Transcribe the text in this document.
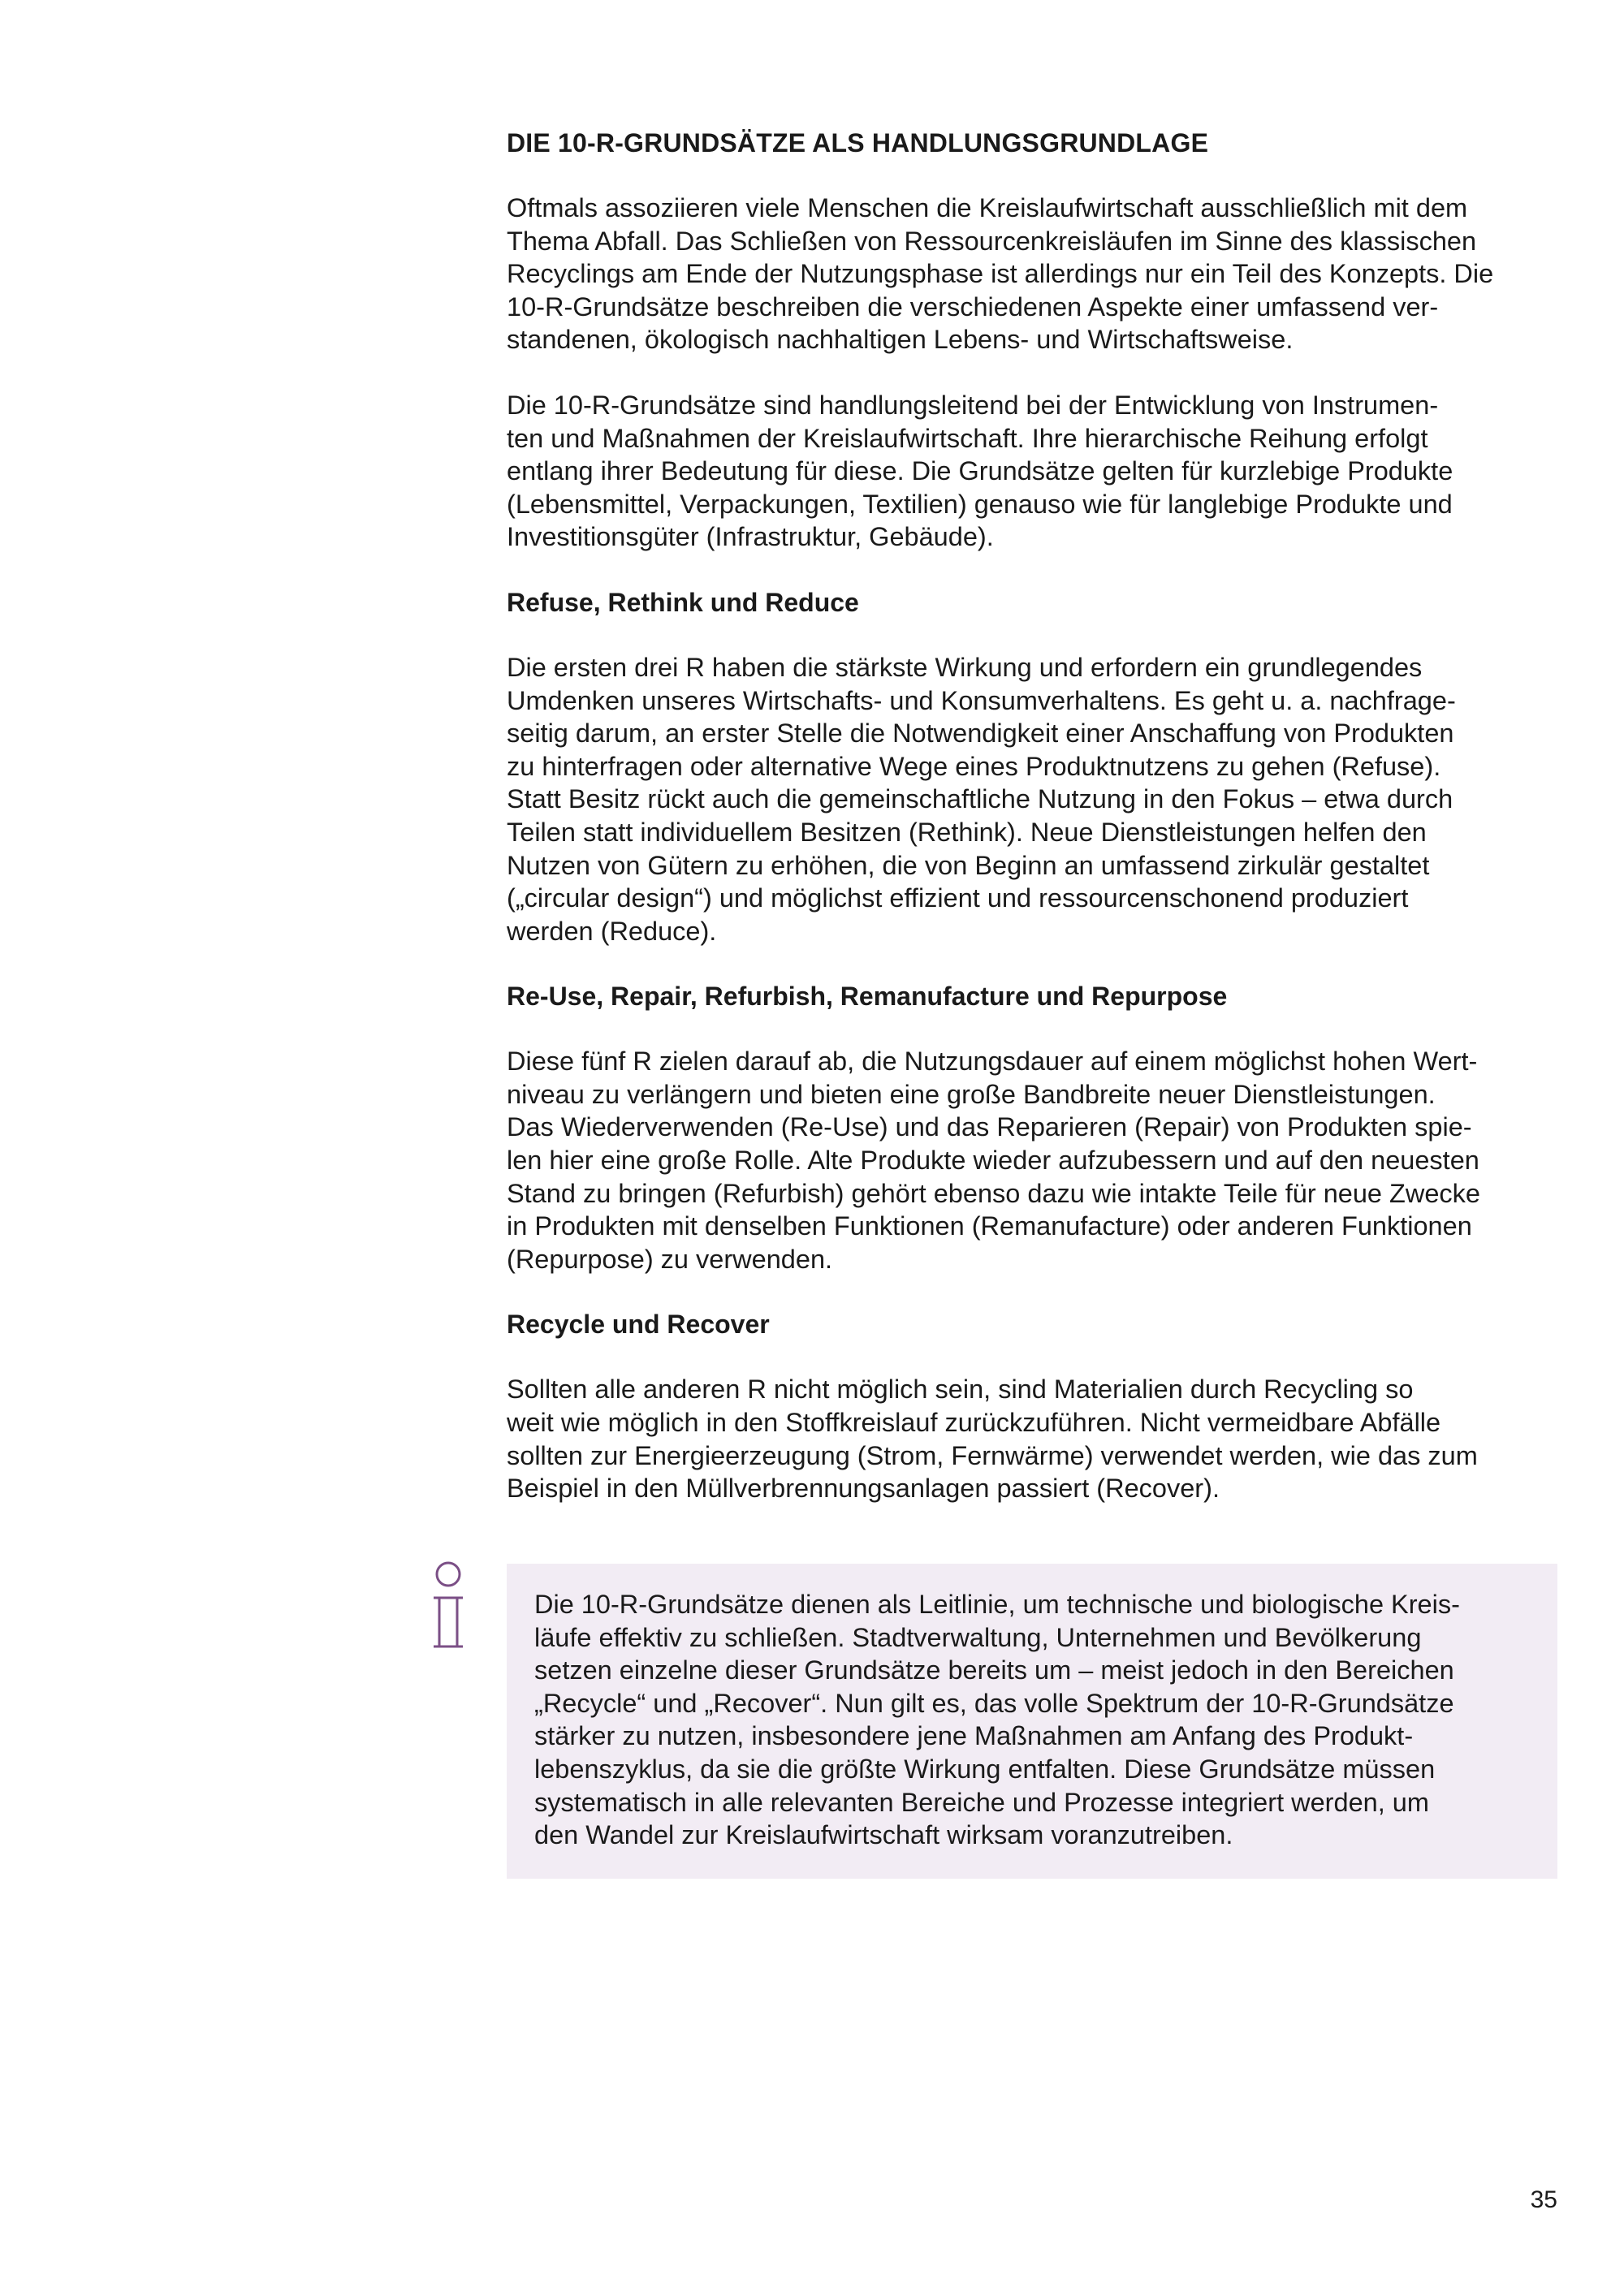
DIE 10-R-GRUNDSÄTZE ALS HANDLUNGSGRUNDLAGE

Oftmals assoziieren viele Menschen die Kreislaufwirtschaft ausschließlich mit dem
Thema Abfall. Das Schließen von Ressourcenkreisläufen im Sinne des klassischen
Recyclings am Ende der Nutzungsphase ist allerdings nur ein Teil des Konzepts. Die
10-R-Grundsätze beschreiben die verschiedenen Aspekte einer umfassend ver-
standenen, ökologisch nachhaltigen Lebens- und Wirtschaftsweise.

Die 10-R-Grundsätze sind handlungsleitend bei der Entwicklung von Instrumen-
ten und Maßnahmen der Kreislaufwirtschaft. Ihre hierarchische Reihung erfolgt
entlang ihrer Bedeutung für diese. Die Grundsätze gelten für kurzlebige Produkte
(Lebensmittel, Verpackungen, Textilien) genauso wie für langlebige Produkte und
Investitionsgüter (Infrastruktur, Gebäude).

Refuse, Rethink und Reduce

Die ersten drei R haben die stärkste Wirkung und erfordern ein grundlegendes
Umdenken unseres Wirtschafts- und Konsumverhaltens. Es geht u. a. nachfrage-
seitig darum, an erster Stelle die Notwendigkeit einer Anschaffung von Produkten
zu hinterfragen oder alternative Wege eines Produktnutzens zu gehen (Refuse).
Statt Besitz rückt auch die gemeinschaftliche Nutzung in den Fokus – etwa durch
Teilen statt individuellem Besitzen (Rethink). Neue Dienstleistungen helfen den
Nutzen von Gütern zu erhöhen, die von Beginn an umfassend zirkulär gestaltet
(„circular design“) und möglichst effizient und ressourcenschonend produziert
werden (Reduce).

Re-Use, Repair, Refurbish, Remanufacture und Repurpose

Diese fünf R zielen darauf ab, die Nutzungsdauer auf einem möglichst hohen Wert-
niveau zu verlängern und bieten eine große Bandbreite neuer Dienstleistungen.
Das Wiederverwenden (Re-Use) und das Reparieren (Repair) von Produkten spie-
len hier eine große Rolle. Alte Produkte wieder aufzubessern und auf den neuesten
Stand zu bringen (Refurbish) gehört ebenso dazu wie intakte Teile für neue Zwecke
in Produkten mit denselben Funktionen (Remanufacture) oder anderen Funktionen
(Repurpose) zu verwenden.

Recycle und Recover

Sollten alle anderen R nicht möglich sein, sind Materialien durch Recycling so
weit wie möglich in den Stoffkreislauf zurückzuführen. Nicht vermeidbare Abfälle
sollten zur Energieerzeugung (Strom, Fernwärme) verwendet werden, wie das zum
Beispiel in den Müllverbrennungsanlagen passiert (Recover).

Die 10-R-Grundsätze dienen als Leitlinie, um technische und biologische Kreis-
läufe effektiv zu schließen. Stadtverwaltung, Unternehmen und Bevölkerung
setzen einzelne dieser Grundsätze bereits um – meist jedoch in den Bereichen
„Recycle“ und „Recover“. Nun gilt es, das volle Spektrum der 10-R-Grundsätze
stärker zu nutzen, insbesondere jene Maßnahmen am Anfang des Produkt-
lebenszyklus, da sie die größte Wirkung entfalten. Diese Grundsätze müssen
systematisch in alle relevanten Bereiche und Prozesse integriert werden, um
den Wandel zur Kreislaufwirtschaft wirksam voranzutreiben.

35
